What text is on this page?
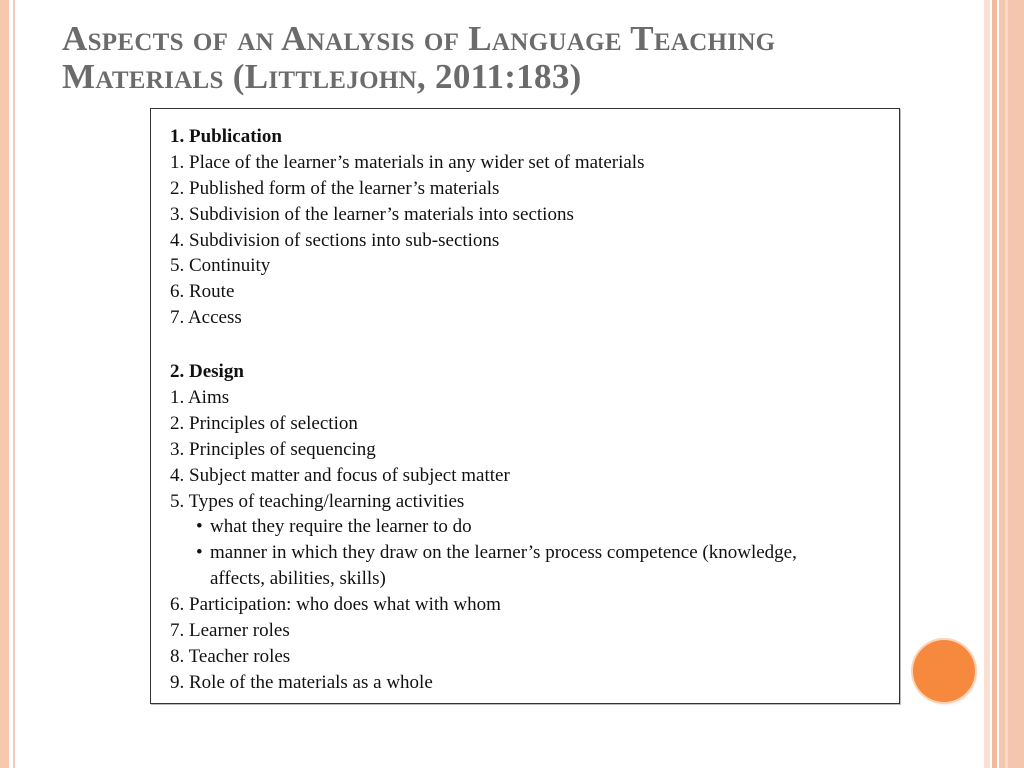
Aspects of an Analysis of Language Teaching
Materials (Littlejohn, 2011:183)
1. Publication
1. Place of the learner’s materials in any wider set of materials
2. Published form of the learner’s materials
3. Subdivision of the learner’s materials into sections
4. Subdivision of sections into sub-sections
5. Continuity
6. Route
7. Access
2. Design
1. Aims
2. Principles of selection
3. Principles of sequencing
4. Subject matter and focus of subject matter
5. Types of teaching/learning activities
• what they require the learner to do
• manner in which they draw on the learner’s process competence (knowledge,
affects, abilities, skills)
6. Participation: who does what with whom
7. Learner roles
8. Teacher roles
9. Role of the materials as a whole
